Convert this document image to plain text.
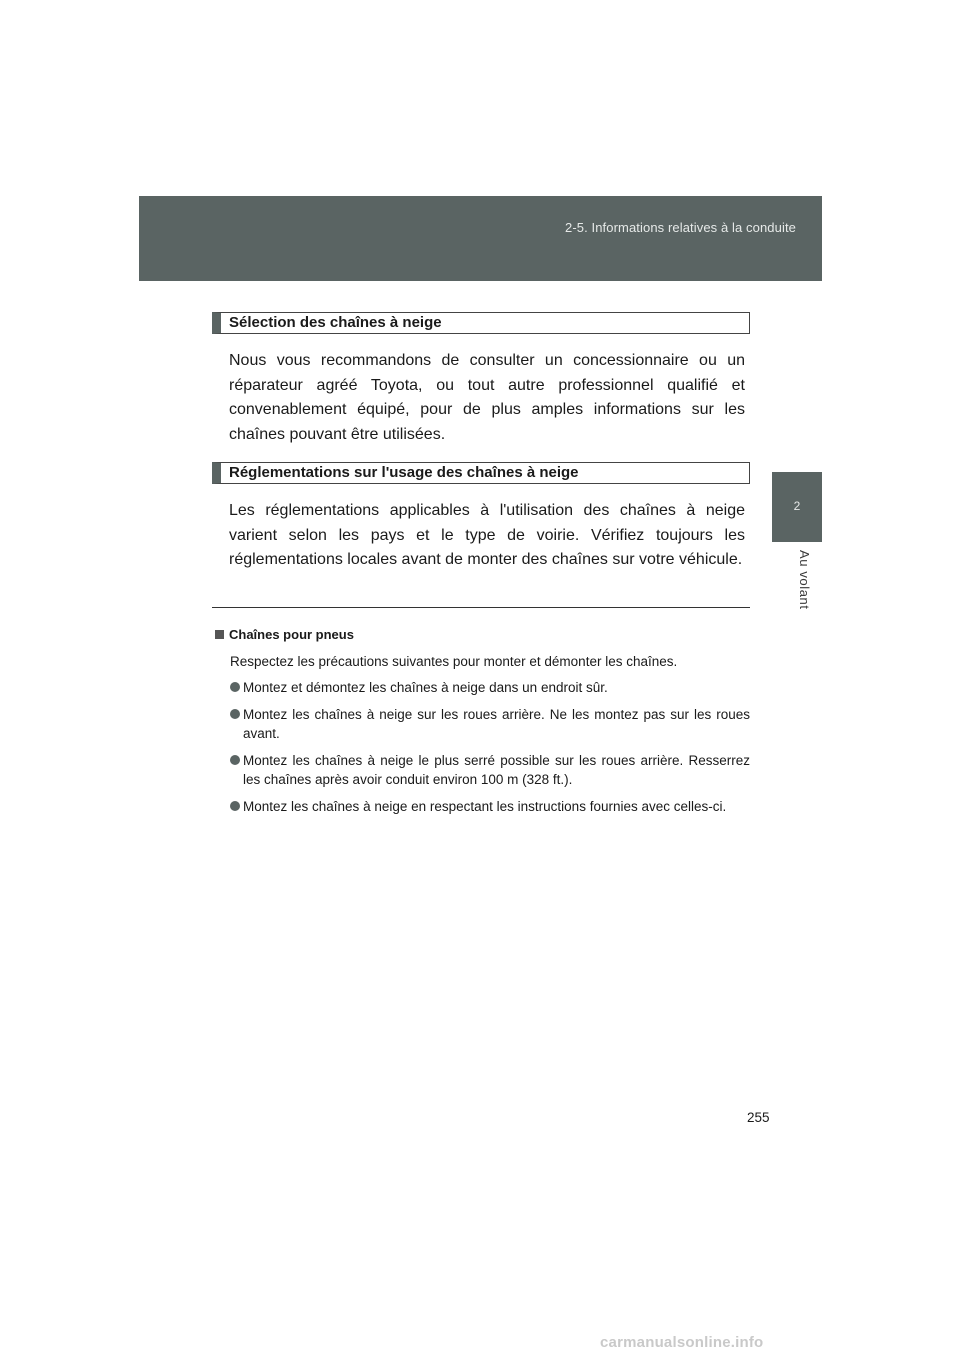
2-5. Informations relatives à la conduite
2
Au volant
Sélection des chaînes à neige

Nous vous recommandons de consulter un concessionnaire ou un réparateur agréé Toyota, ou tout autre professionnel qualifié et convenablement équipé, pour de plus amples informations sur les chaînes pouvant être utilisées.

Réglementations sur l'usage des chaînes à neige

Les réglementations applicables à l'utilisation des chaînes à neige varient selon les pays et le type de voirie. Vérifiez toujours les réglementations locales avant de monter des chaînes sur votre véhicule.

Chaînes pour pneus

Respectez les précautions suivantes pour monter et démonter les chaînes.

Montez et démontez les chaînes à neige dans un endroit sûr.
Montez les chaînes à neige sur les roues arrière. Ne les montez pas sur les roues avant.
Montez les chaînes à neige le plus serré possible sur les roues arrière. Resserrez les chaînes après avoir conduit environ 100 m (328 ft.).
Montez les chaînes à neige en respectant les instructions fournies avec celles-ci.
255
carmanualsonline.info
